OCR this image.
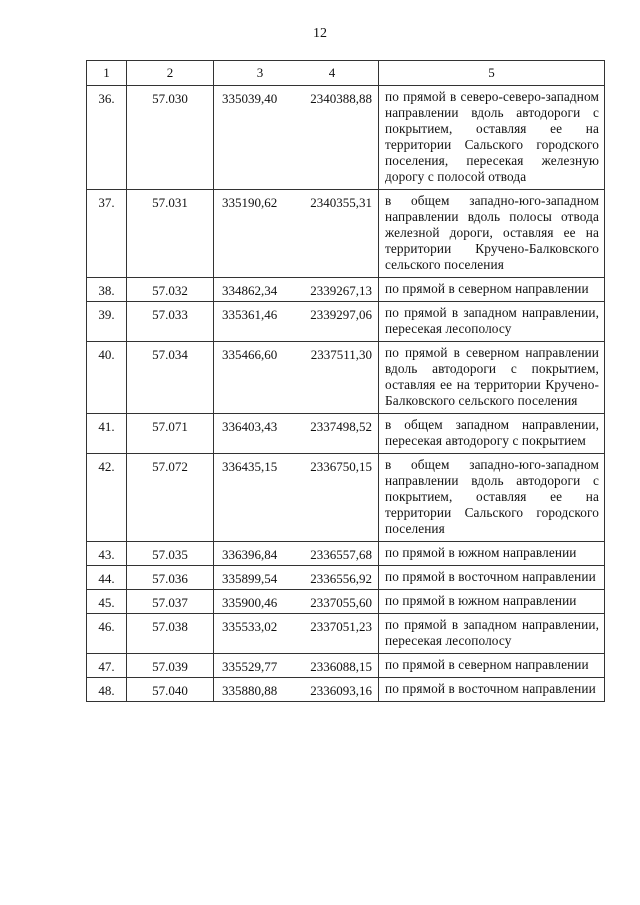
12
1	2	3 4	5
36.	57.030	335039,40 2340388,88	по прямой в северо-северо-западном направлении вдоль автодороги с покрытием, оставляя ее на территории Сальского городского поселения, пересекая железную дорогу с полосой отвода

37.	57.031	335190,62 2340355,31	в общем западно-юго-западном направлении вдоль полосы отвода железной дороги, оставляя ее на территории Кручено-Балковского сельского поселения

38.	57.032	334862,34 2339267,13	по прямой в северном направлении

39.	57.033	335361,46 2339297,06	по прямой в западном направлении, пересекая лесополосу

40.	57.034	335466,60 2337511,30	по прямой в северном направлении вдоль автодороги с покрытием, оставляя ее на территории Кручено-Балковского сельского поселения

41.	57.071	336403,43 2337498,52	в общем западном направлении, пересекая автодорогу с покрытием

42.	57.072	336435,15 2336750,15	в общем западно-юго-западном направлении вдоль автодороги с покрытием, оставляя ее на территории Сальского городского поселения

43.	57.035	336396,84 2336557,68	по прямой в южном направлении

44.	57.036	335899,54 2336556,92	по прямой в восточном направлении

45.	57.037	335900,46 2337055,60	по прямой в южном направлении

46.	57.038	335533,02 2337051,23	по прямой в западном направлении, пересекая лесополосу

47.	57.039	335529,77 2336088,15	по прямой в северном направлении

48.	57.040	335880,88 2336093,16	по прямой в восточном направлении
